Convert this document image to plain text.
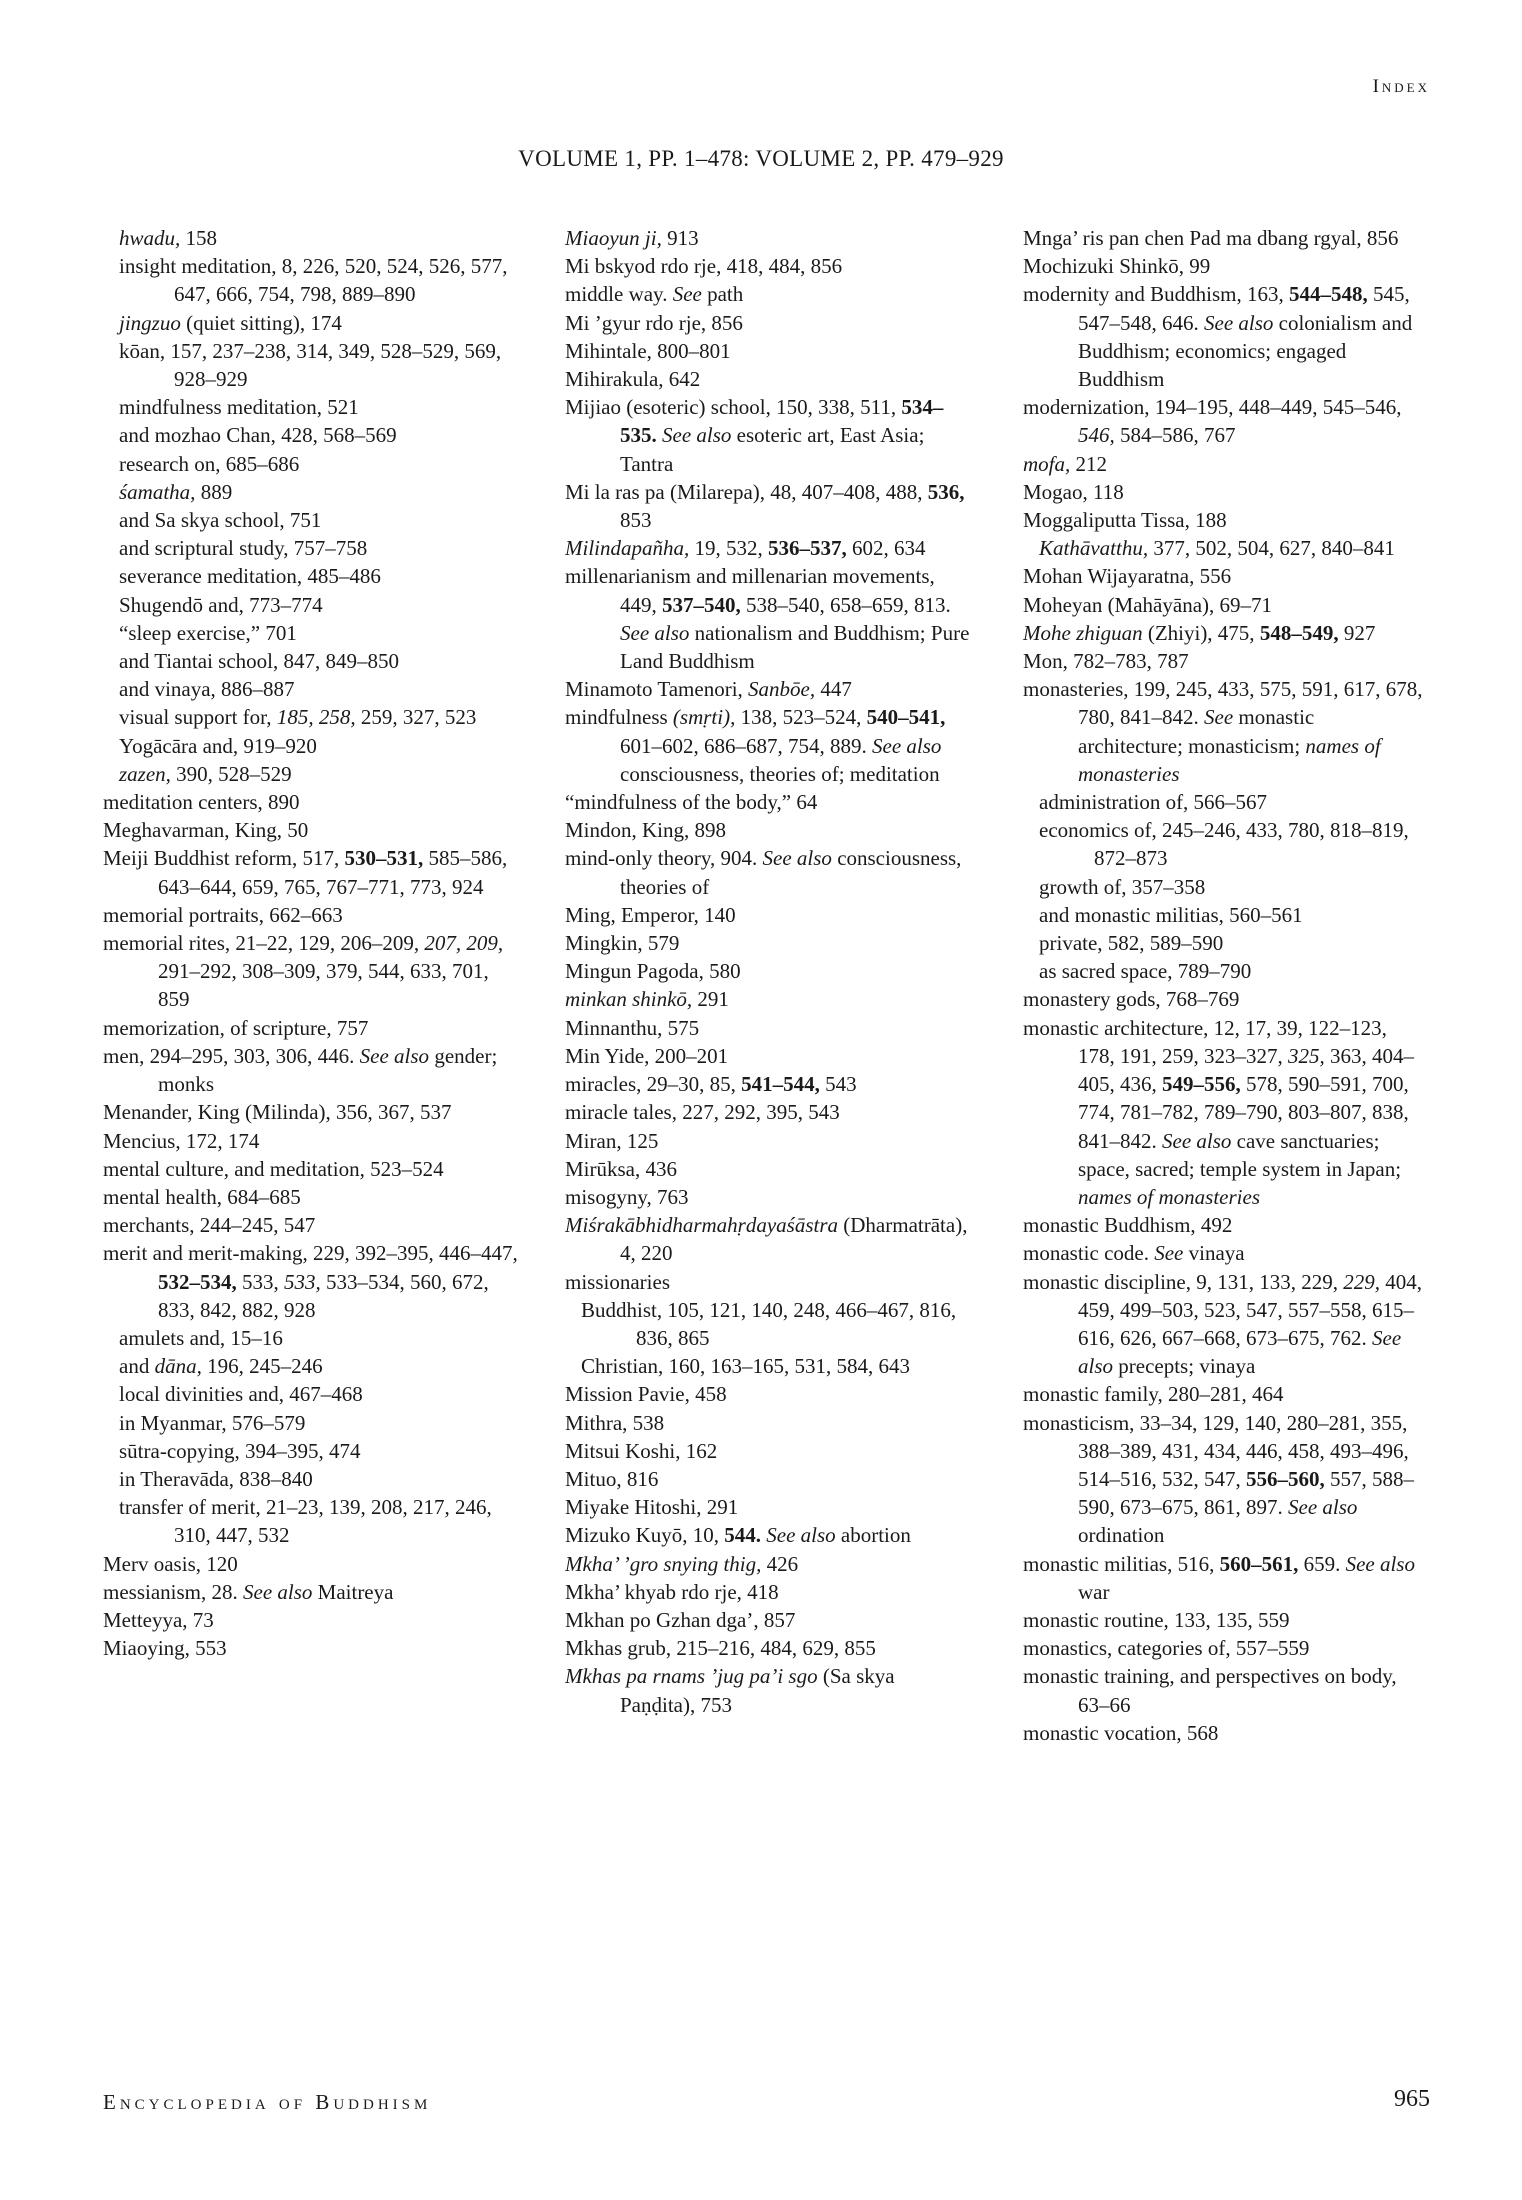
Index
VOLUME 1, PP. 1–478: VOLUME 2, PP. 479–929
hwadu, 158
insight meditation, 8, 226, 520, 524, 526, 577, 647, 666, 754, 798, 889–890
jingzuo (quiet sitting), 174
kōan, 157, 237–238, 314, 349, 528–529, 569, 928–929
mindfulness meditation, 521
and mozhao Chan, 428, 568–569
research on, 685–686
śamatha, 889
and Sa skya school, 751
and scriptural study, 757–758
severance meditation, 485–486
Shugendō and, 773–774
“sleep exercise,” 701
and Tiantai school, 847, 849–850
and vinaya, 886–887
visual support for, 185, 258, 259, 327, 523
Yogācāra and, 919–920
zazen, 390, 528–529
meditation centers, 890
Meghavarman, King, 50
Meiji Buddhist reform, 517, 530–531, 585–586, 643–644, 659, 765, 767–771, 773, 924
memorial portraits, 662–663
memorial rites, 21–22, 129, 206–209, 207, 209, 291–292, 308–309, 379, 544, 633, 701, 859
memorization, of scripture, 757
men, 294–295, 303, 306, 446. See also gender; monks
Menander, King (Milinda), 356, 367, 537
Mencius, 172, 174
mental culture, and meditation, 523–524
mental health, 684–685
merchants, 244–245, 547
merit and merit-making, 229, 392–395, 446–447, 532–534, 533, 533, 533–534, 560, 672, 833, 842, 882, 928
amulets and, 15–16
and dāna, 196, 245–246
local divinities and, 467–468
in Myanmar, 576–579
sūtra-copying, 394–395, 474
in Theravāda, 838–840
transfer of merit, 21–23, 139, 208, 217, 246, 310, 447, 532
Merv oasis, 120
messianism, 28. See also Maitreya
Metteyya, 73
Miaoying, 553
Miaoyun ji, 913
Mi bskyod rdo rje, 418, 484, 856
middle way. See path
Mi ’gyur rdo rje, 856
Mihintale, 800–801
Mihirakula, 642
Mijiao (esoteric) school, 150, 338, 511, 534–535. See also esoteric art, East Asia; Tantra
Mi la ras pa (Milarepa), 48, 407–408, 488, 536, 853
Milindapañha, 19, 532, 536–537, 602, 634
millenarianism and millenarian movements, 449, 537–540, 538–540, 658–659, 813. See also nationalism and Buddhism; Pure Land Buddhism
Minamoto Tamenori, Sanbōe, 447
mindfulness (smṛti), 138, 523–524, 540–541, 601–602, 686–687, 754, 889. See also consciousness, theories of; meditation
“mindfulness of the body,” 64
Mindon, King, 898
mind-only theory, 904. See also consciousness, theories of
Ming, Emperor, 140
Mingkin, 579
Mingun Pagoda, 580
minkan shinkō, 291
Minnanthu, 575
Min Yide, 200–201
miracles, 29–30, 85, 541–544, 543
miracle tales, 227, 292, 395, 543
Miran, 125
Mirūksa, 436
misogyny, 763
Miśrakābhidharmahṛdayaśāstra (Dharmatrāta), 4, 220
missionaries
Buddhist, 105, 121, 140, 248, 466–467, 816, 836, 865
Christian, 160, 163–165, 531, 584, 643
Mission Pavie, 458
Mithra, 538
Mitsui Koshi, 162
Mituo, 816
Miyake Hitoshi, 291
Mizuko Kuyō, 10, 544. See also abortion
Mkha’ ’gro snying thig, 426
Mkha’ khyab rdo rje, 418
Mkhan po Gzhan dga’, 857
Mkhas grub, 215–216, 484, 629, 855
Mkhas pa rnams ’jug pa’i sgo (Sa skya Paṇḍita), 753
Mnga’ ris pan chen Pad ma dbang rgyal, 856
Mochizuki Shinkō, 99
modernity and Buddhism, 163, 544–548, 545, 547–548, 646. See also colonialism and Buddhism; economics; engaged Buddhism
modernization, 194–195, 448–449, 545–546, 546, 584–586, 767
mofa, 212
Mogao, 118
Moggaliputta Tissa, 188
Kathāvatthu, 377, 502, 504, 627, 840–841
Mohan Wijayaratna, 556
Moheyan (Mahāyāna), 69–71
Mohe zhiguan (Zhiyi), 475, 548–549, 927
Mon, 782–783, 787
monasteries, 199, 245, 433, 575, 591, 617, 678, 780, 841–842. See monastic architecture; monasticism; names of monasteries
administration of, 566–567
economics of, 245–246, 433, 780, 818–819, 872–873
growth of, 357–358
and monastic militias, 560–561
private, 582, 589–590
as sacred space, 789–790
monastery gods, 768–769
monastic architecture, 12, 17, 39, 122–123, 178, 191, 259, 323–327, 325, 363, 404–405, 436, 549–556, 578, 590–591, 700, 774, 781–782, 789–790, 803–807, 838, 841–842. See also cave sanctuaries; space, sacred; temple system in Japan; names of monasteries
monastic Buddhism, 492
monastic code. See vinaya
monastic discipline, 9, 131, 133, 229, 229, 404, 459, 499–503, 523, 547, 557–558, 615–616, 626, 667–668, 673–675, 762. See also precepts; vinaya
monastic family, 280–281, 464
monasticism, 33–34, 129, 140, 280–281, 355, 388–389, 431, 434, 446, 458, 493–496, 514–516, 532, 547, 556–560, 557, 588–590, 673–675, 861, 897. See also ordination
monastic militias, 516, 560–561, 659. See also war
monastic routine, 133, 135, 559
monastics, categories of, 557–559
monastic training, and perspectives on body, 63–66
monastic vocation, 568
Encyclopedia of Buddhism	965
